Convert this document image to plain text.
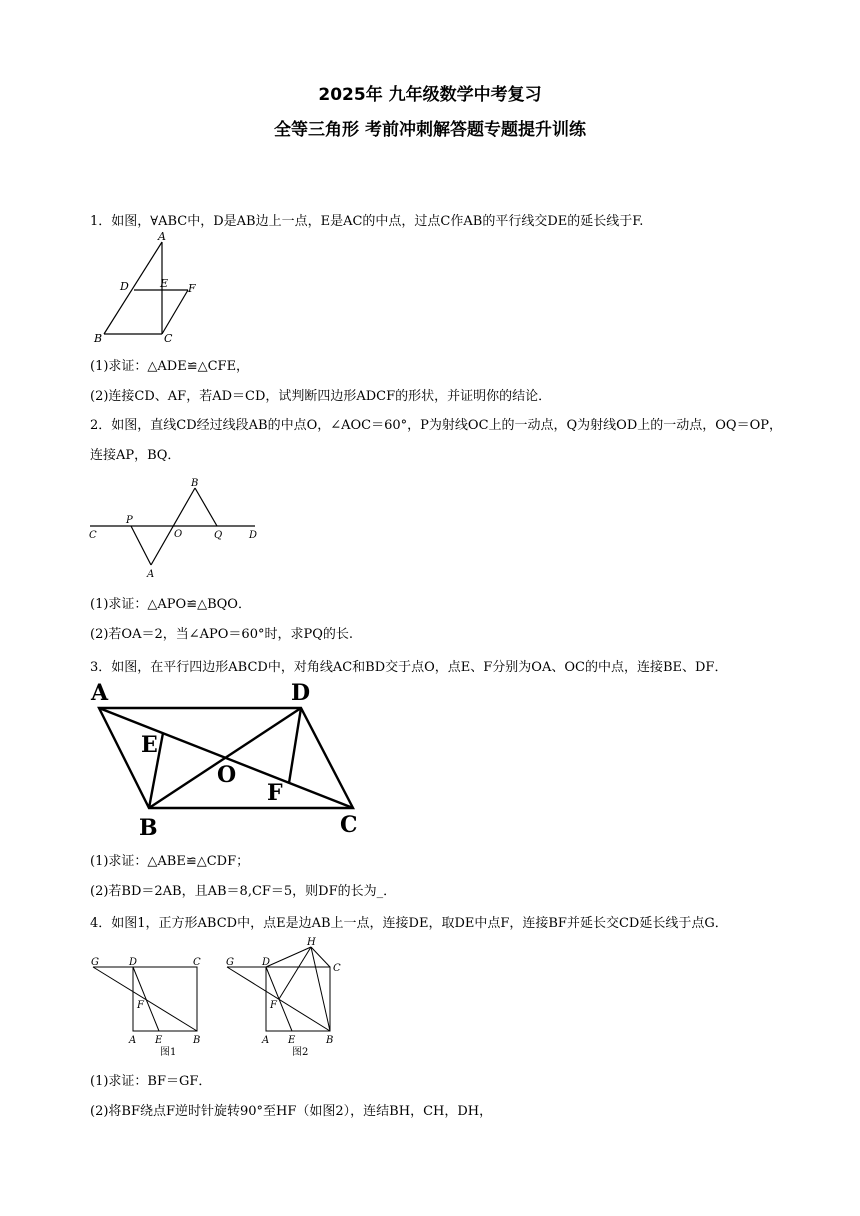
2025年 九年级数学中考复习
全等三角形 考前冲刺解答题专题提升训练
1．如图，∀ABC中，D是AB边上一点，E是AC的中点，过点C作AB的平行线交DE的延长线于F.
A
B	C
D	E F
(1)求证：△ADE≌△CFE，
(2)连接CD、AF，若AD＝CD，试判断四边形ADCF的形状，并证明你的结论．
2．如图，直线CD经过线段AB的中点O，∠AOC＝60°，P为射线OC上的一动点，Q为射线OD上的一动点，OQ＝OP，
连接AP，BQ．
C
P
O	Q	D
B
A
(1)求证：△APO≌△BQO．
(2)若OA＝2，当∠APO＝60°时，求PQ的长.
3．如图，在平行四边形ABCD中，对角线AC和BD交于点O，点E、F分别为OA、OC的中点，连接BE、DF．
A	D
B	C
E
O
F
(1)求证：△ABE≌△CDF；
(2)若BD＝2AB，且AB＝8,CF＝5，则DF的长为_．
4．如图1，正方形ABCD中，点E是边AB上一点，连接DE，取DE中点F，连接BF并延长交CD延长线于点G．
G	D	C
F
A E	B
G	D
H
C
F
A E	B
图1	图2
(1)求证：BF＝GF．
(2)将BF绕点F逆时针旋转90°至HF（如图2），连结BH，CH，DH，
